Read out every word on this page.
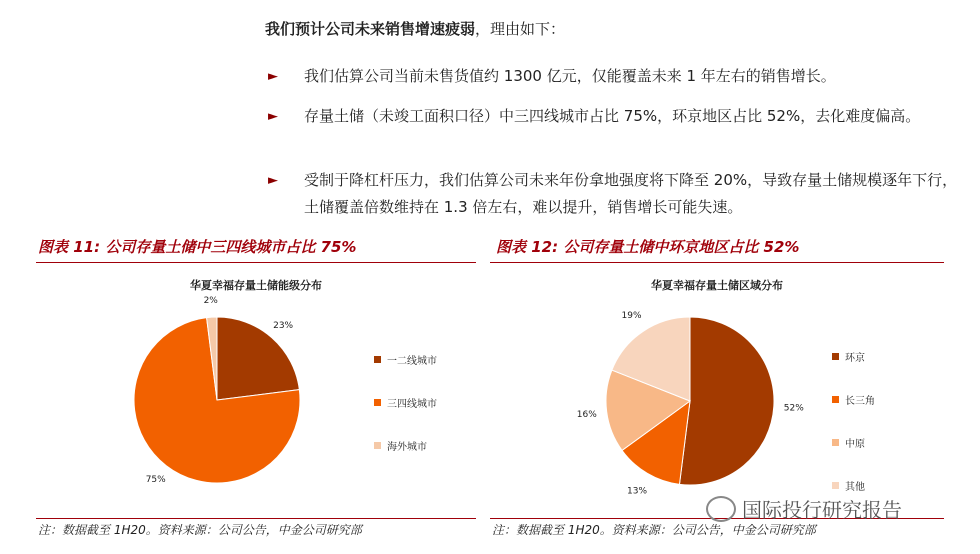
我们预计公司未来销售增速疲弱，理由如下：
► 我们估算公司当前未售货值约 1300 亿元，仅能覆盖未来 1 年左右的销售增长。
► 存量土储（未竣工面积口径）中三四线城市占比 75%，环京地区占比 52%，去化难度偏高。
► 受制于降杠杆压力，我们估算公司未来年份拿地强度将下降至 20%，导致存量土储规模逐年下行，土储覆盖倍数维持在 1.3 倍左右，难以提升，销售增长可能失速。
图表 11: 公司存量土储中三四线城市占比 75%
华夏幸福存量土储能级分布
23%
75%
2%
一二线城市
三四线城市
海外城市
注：数据截至 1H20。资料来源：公司公告，中金公司研究部
图表 12: 公司存量土储中环京地区占比 52%
华夏幸福存量土储区域分布
52%
13%
16%
19%
环京
长三角
中原
其他
注：数据截至 1H20。资料来源：公司公告，中金公司研究部
国际投行研究报告
